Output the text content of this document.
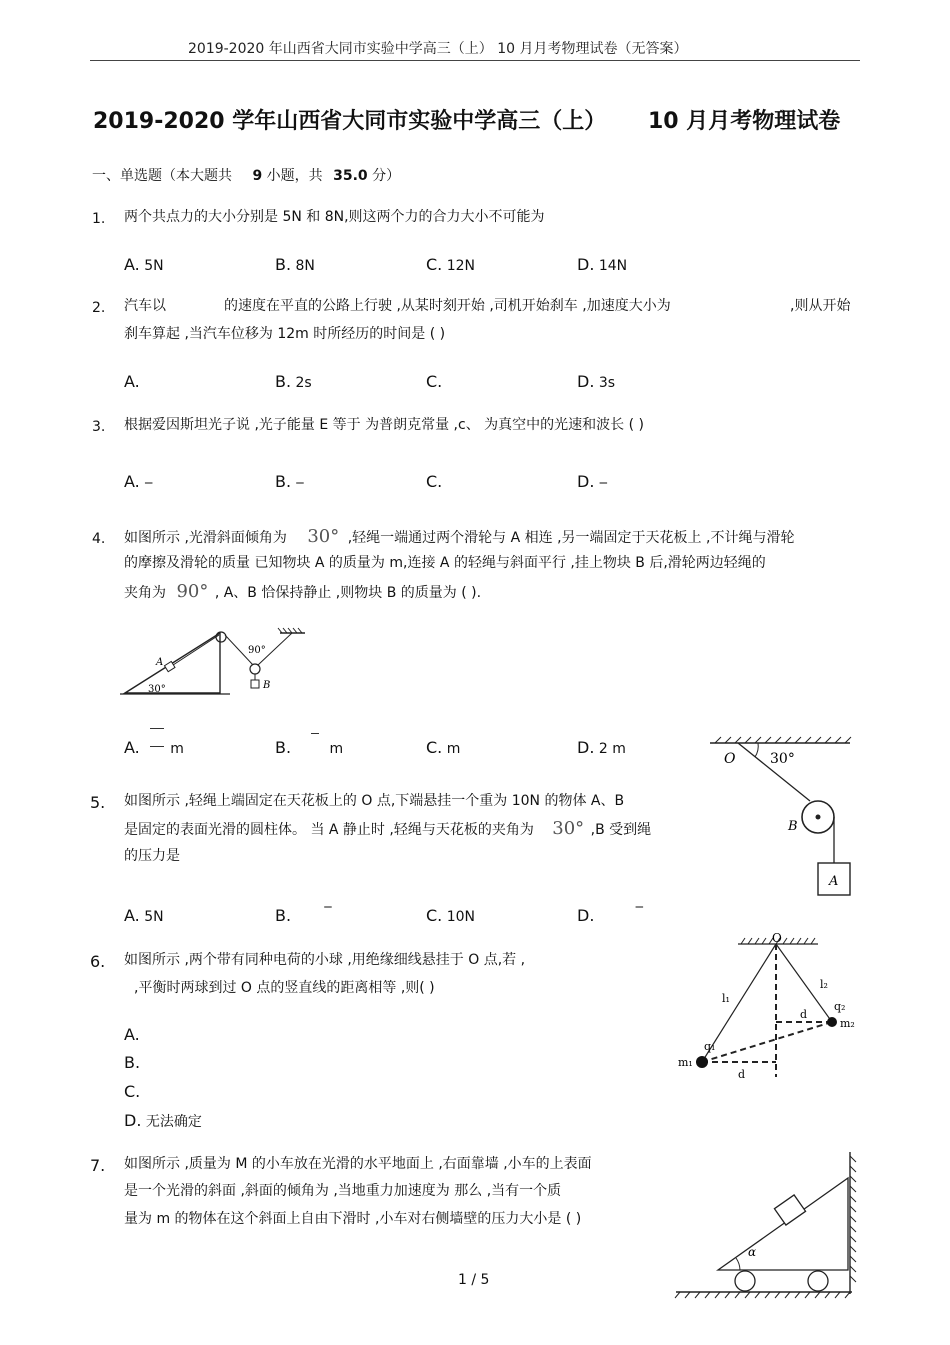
2019-2020 年山西省大同市实验中学高三（上） 10 月月考物理试卷（无答案）
2019-2020 学年山西省大同市实验中学高三（上） 10 月月考物理试卷
一、单选题（本大题共 9 小题，共 35.0 分）
1. 两个共点力的大小分别是 5N 和 8N,则这两个力的合力大小不可能为
A. 5N	B. 8N	C. 12N	D. 14N
2. 汽车以	的速度在平直的公路上行驶 ,从某时刻开始 ,司机开始刹车 ,加速度大小为	,则从开始
刹车算起 ,当汽车位移为 12m 时所经历的时间是 ( )
A.	B. 2s	C.	D. 3s
3. 根据爱因斯坦光子说 ,光子能量 E 等于 为普朗克常量 ,c、 为真空中的光速和波长 ( )
A. ‒	B. ‒	C.	D. ‒
4. 如图所示 ,光滑斜面倾角为 30° ,轻绳一端通过两个滑轮与 A 相连 ,另一端固定于天花板上 ,不计绳与滑轮
的摩擦及滑轮的质量 已知物块 A 的质量为 m,连接 A 的轻绳与斜面平行 ,挂上物块 B 后,滑轮两边轻绳的
夹角为 90° , A、B 恰保持静止 ,则物块 B 的质量为 ( ).
30°
A
90°
B
A. m	B.	m	C. m	D. 2 m
5. 如图所示 ,轻绳上端固定在天花板上的 O 点,下端悬挂一个重为 10N 的物体 A、B
是固定的表面光滑的圆柱体。 当 A 静止时 ,轻绳与天花板的夹角为 30° ,B 受到绳
的压力是
O 30°
B
A
A. 5N	B. ‒	C. 10N	D.	‒
6. 如图所示 ,两个带有同种电荷的小球 ,用绝缘细线悬挂于 O 点,若 ,
,平衡时两球到过 O 点的竖直线的距离相等 ,则( )
O
l₁
l₂
q₁
q₂
m₁
m₂
d
d
A.
B.
C.
D. 无法确定
7. 如图所示 ,质量为 M 的小车放在光滑的水平地面上 ,右面靠墙 ,小车的上表面
是一个光滑的斜面 ,斜面的倾角为 ,当地重力加速度为 那么 ,当有一个质
量为 m 的物体在这个斜面上自由下滑时 ,小车对右侧墙壁的压力大小是 ( )
α
1 / 5
